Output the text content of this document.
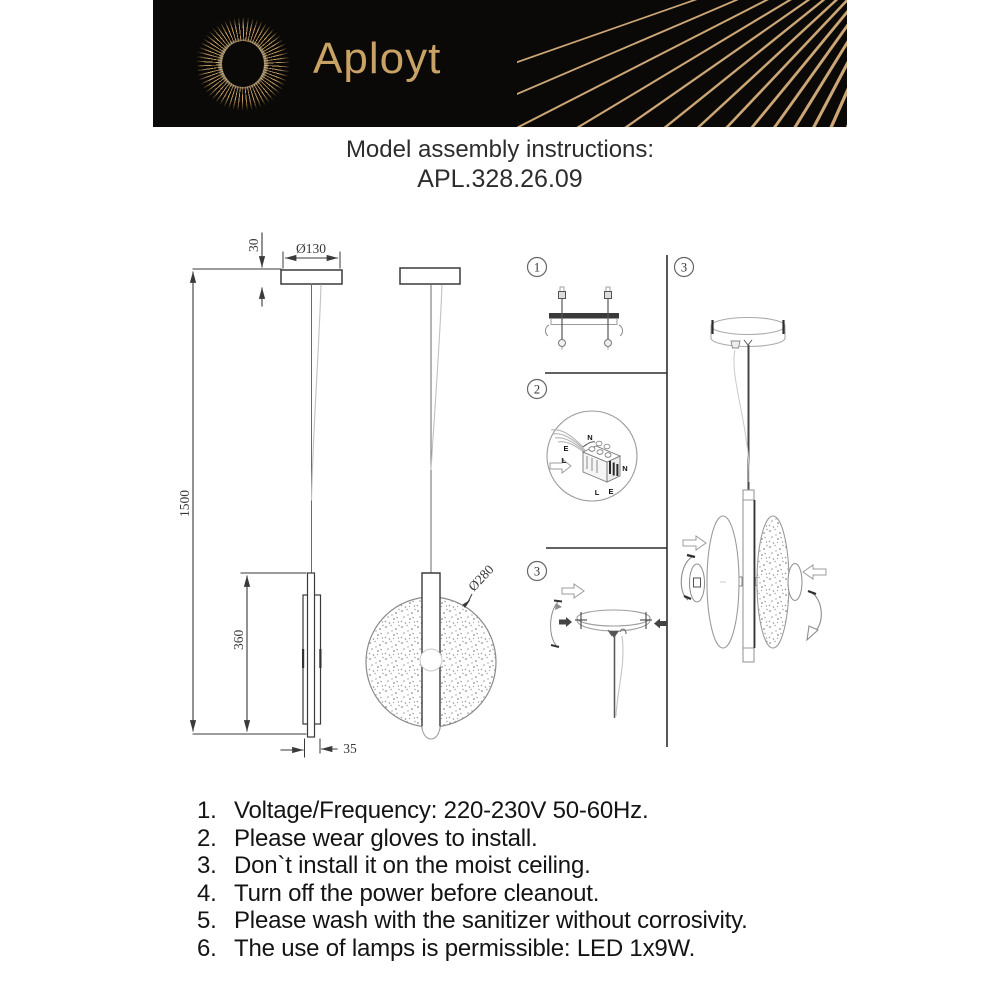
Aployt
Model assembly instructions:
APL.328.26.09
1500
360
30	Ø130
35
Ø280
1
2
N
E
L
N
L E
3
3
1. Voltage/Frequency: 220-230V 50-60Hz.
2. Please wear gloves to install.
3. Don`t install it on the moist ceiling.
4. Turn off the power before cleanout.
5. Please wash with the sanitizer without corrosivity.
6. The use of lamps is permissible: LED 1x9W.
